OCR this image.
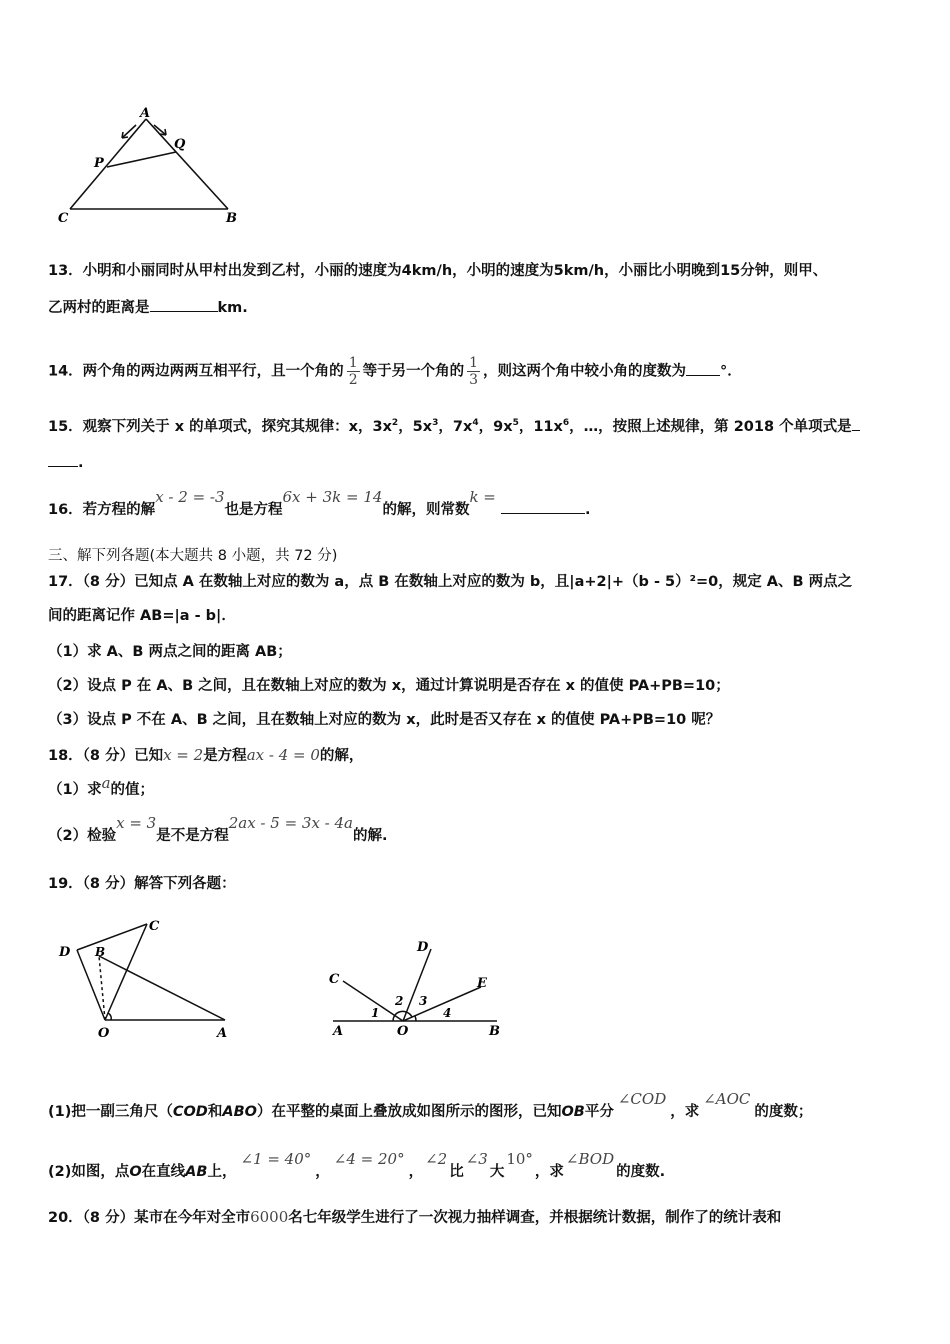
A
P
Q
C	B
13．小明和小丽同时从甲村出发到乙村，小丽的速度为4km/h，小明的速度为5km/h，小丽比小明晚到15分钟，则甲、
乙两村的距离是	km.
14．两个角的两边两两互相平行，且一个角的 $\frac{1}{2}$ 等于另一个角的 $\frac{1}{3}$ ，则这两个角中较小角的度数为 °．
15．观察下列关于 x 的单项式，探究其规律：x，$3x^2$，$5x^3$，$7x^4$，$9x^5$，$11x^6$，…，按照上述规律，第 2018 个单项式是
.
16．若方程的解x - 2 = -3也是方程6x + 3k = 14的解，则常数k = .
三、解下列各题(本大题共 8 小题，共 72 分)
17．（8 分）已知点 A 在数轴上对应的数为 a，点 B 在数轴上对应的数为 b，且|a+2|+（b - 5）²=0，规定 A、B 两点之
间的距离记作 AB=|a - b|．
（1）求 A、B 两点之间的距离 AB；
（2）设点 P 在 A、B 之间，且在数轴上对应的数为 x，通过计算说明是否存在 x 的值使 PA+PB=10；
（3）设点 P 不在 A、B 之间，且在数轴上对应的数为 x，此时是否又存在 x 的值使 PA+PB=10 呢？
18．（8 分）已知x = 2是方程ax - 4 = 0的解，
（1）求a的值；
（2）检验x = 3是不是方程2ax - 5 = 3x - 4a的解.
19．（8 分）解答下列各题：
D B
C
O	A
C
D
E
A	O	B
1
2 3
4
(1)把一副三角尺（COD和ABO）在平整的桌面上叠放成如图所示的图形，已知OB平分∠COD，求∠AOC的度数；
(2)如图，点O在直线AB上，∠1 = 40°，∠4 = 20°，∠2比∠3大10°，求∠BOD的度数.
20．（8 分）某市在今年对全市6000名七年级学生进行了一次视力抽样调查，并根据统计数据，制作了的统计表和
